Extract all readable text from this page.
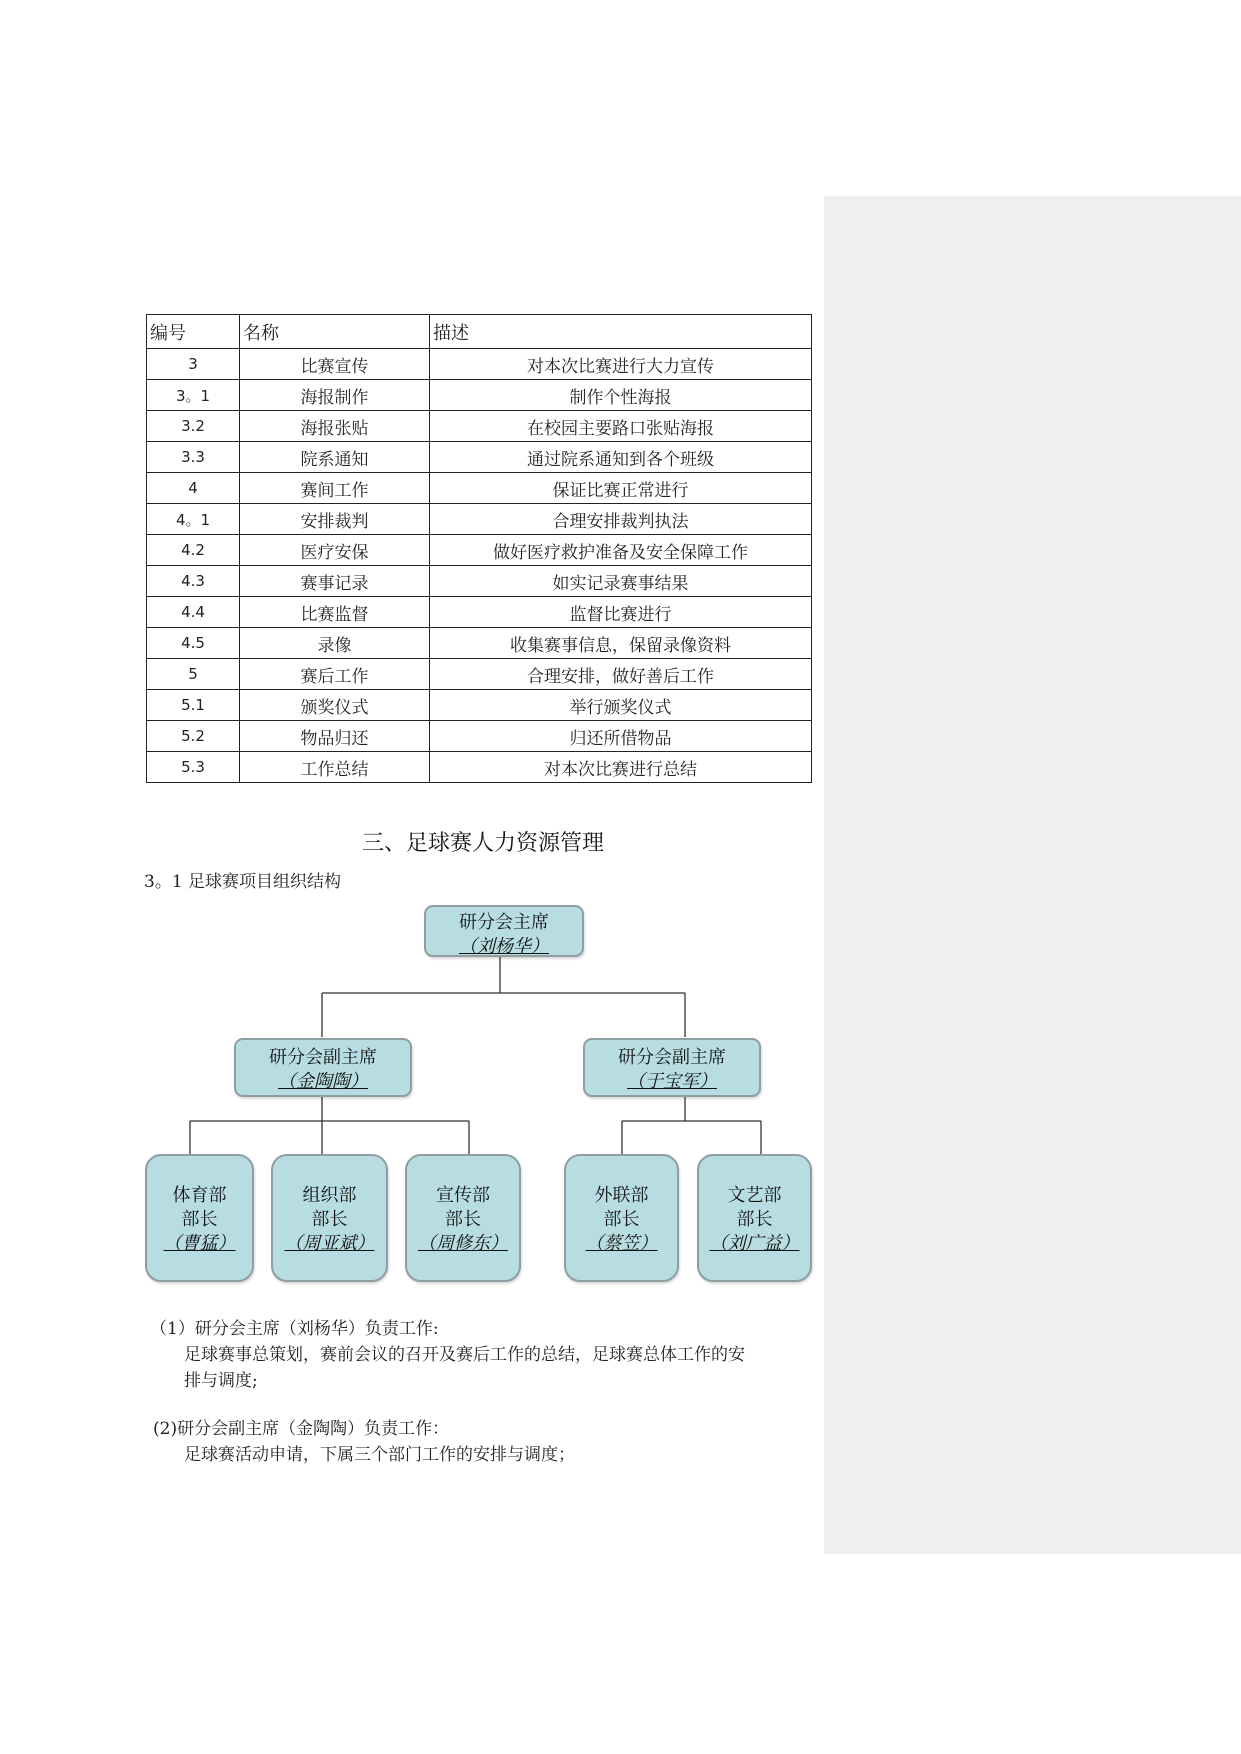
编号	名称	描述
3	比赛宣传	对本次比赛进行大力宣传
3。1	海报制作	制作个性海报
3.2	海报张贴	在校园主要路口张贴海报
3.3	院系通知	通过院系通知到各个班级
4	赛间工作	保证比赛正常进行
4。1	安排裁判	合理安排裁判执法
4.2	医疗安保	做好医疗救护准备及安全保障工作
4.3	赛事记录	如实记录赛事结果
4.4	比赛监督	监督比赛进行
4.5	录像	收集赛事信息，保留录像资料
5	赛后工作	合理安排，做好善后工作
5.1	颁奖仪式	举行颁奖仪式
5.2	物品归还	归还所借物品
5.3	工作总结	对本次比赛进行总结
三、足球赛人力资源管理
3。1 足球赛项目组织结构
研分会主席
（刘杨华）
研分会副主席
（金陶陶）
研分会副主席
（于宝军）
体育部
部长
（曹猛）
组织部
部长
（周亚斌）
宣传部
部长
（周修东）
外联部
部长
（蔡笠）
文艺部
部长
（刘广益）
（1）研分会主席（刘杨华）负责工作:
足球赛事总策划，赛前会议的召开及赛后工作的总结，足球赛总体工作的安
排与调度;
(2)研分会副主席（金陶陶）负责工作：
足球赛活动申请，下属三个部门工作的安排与调度；
